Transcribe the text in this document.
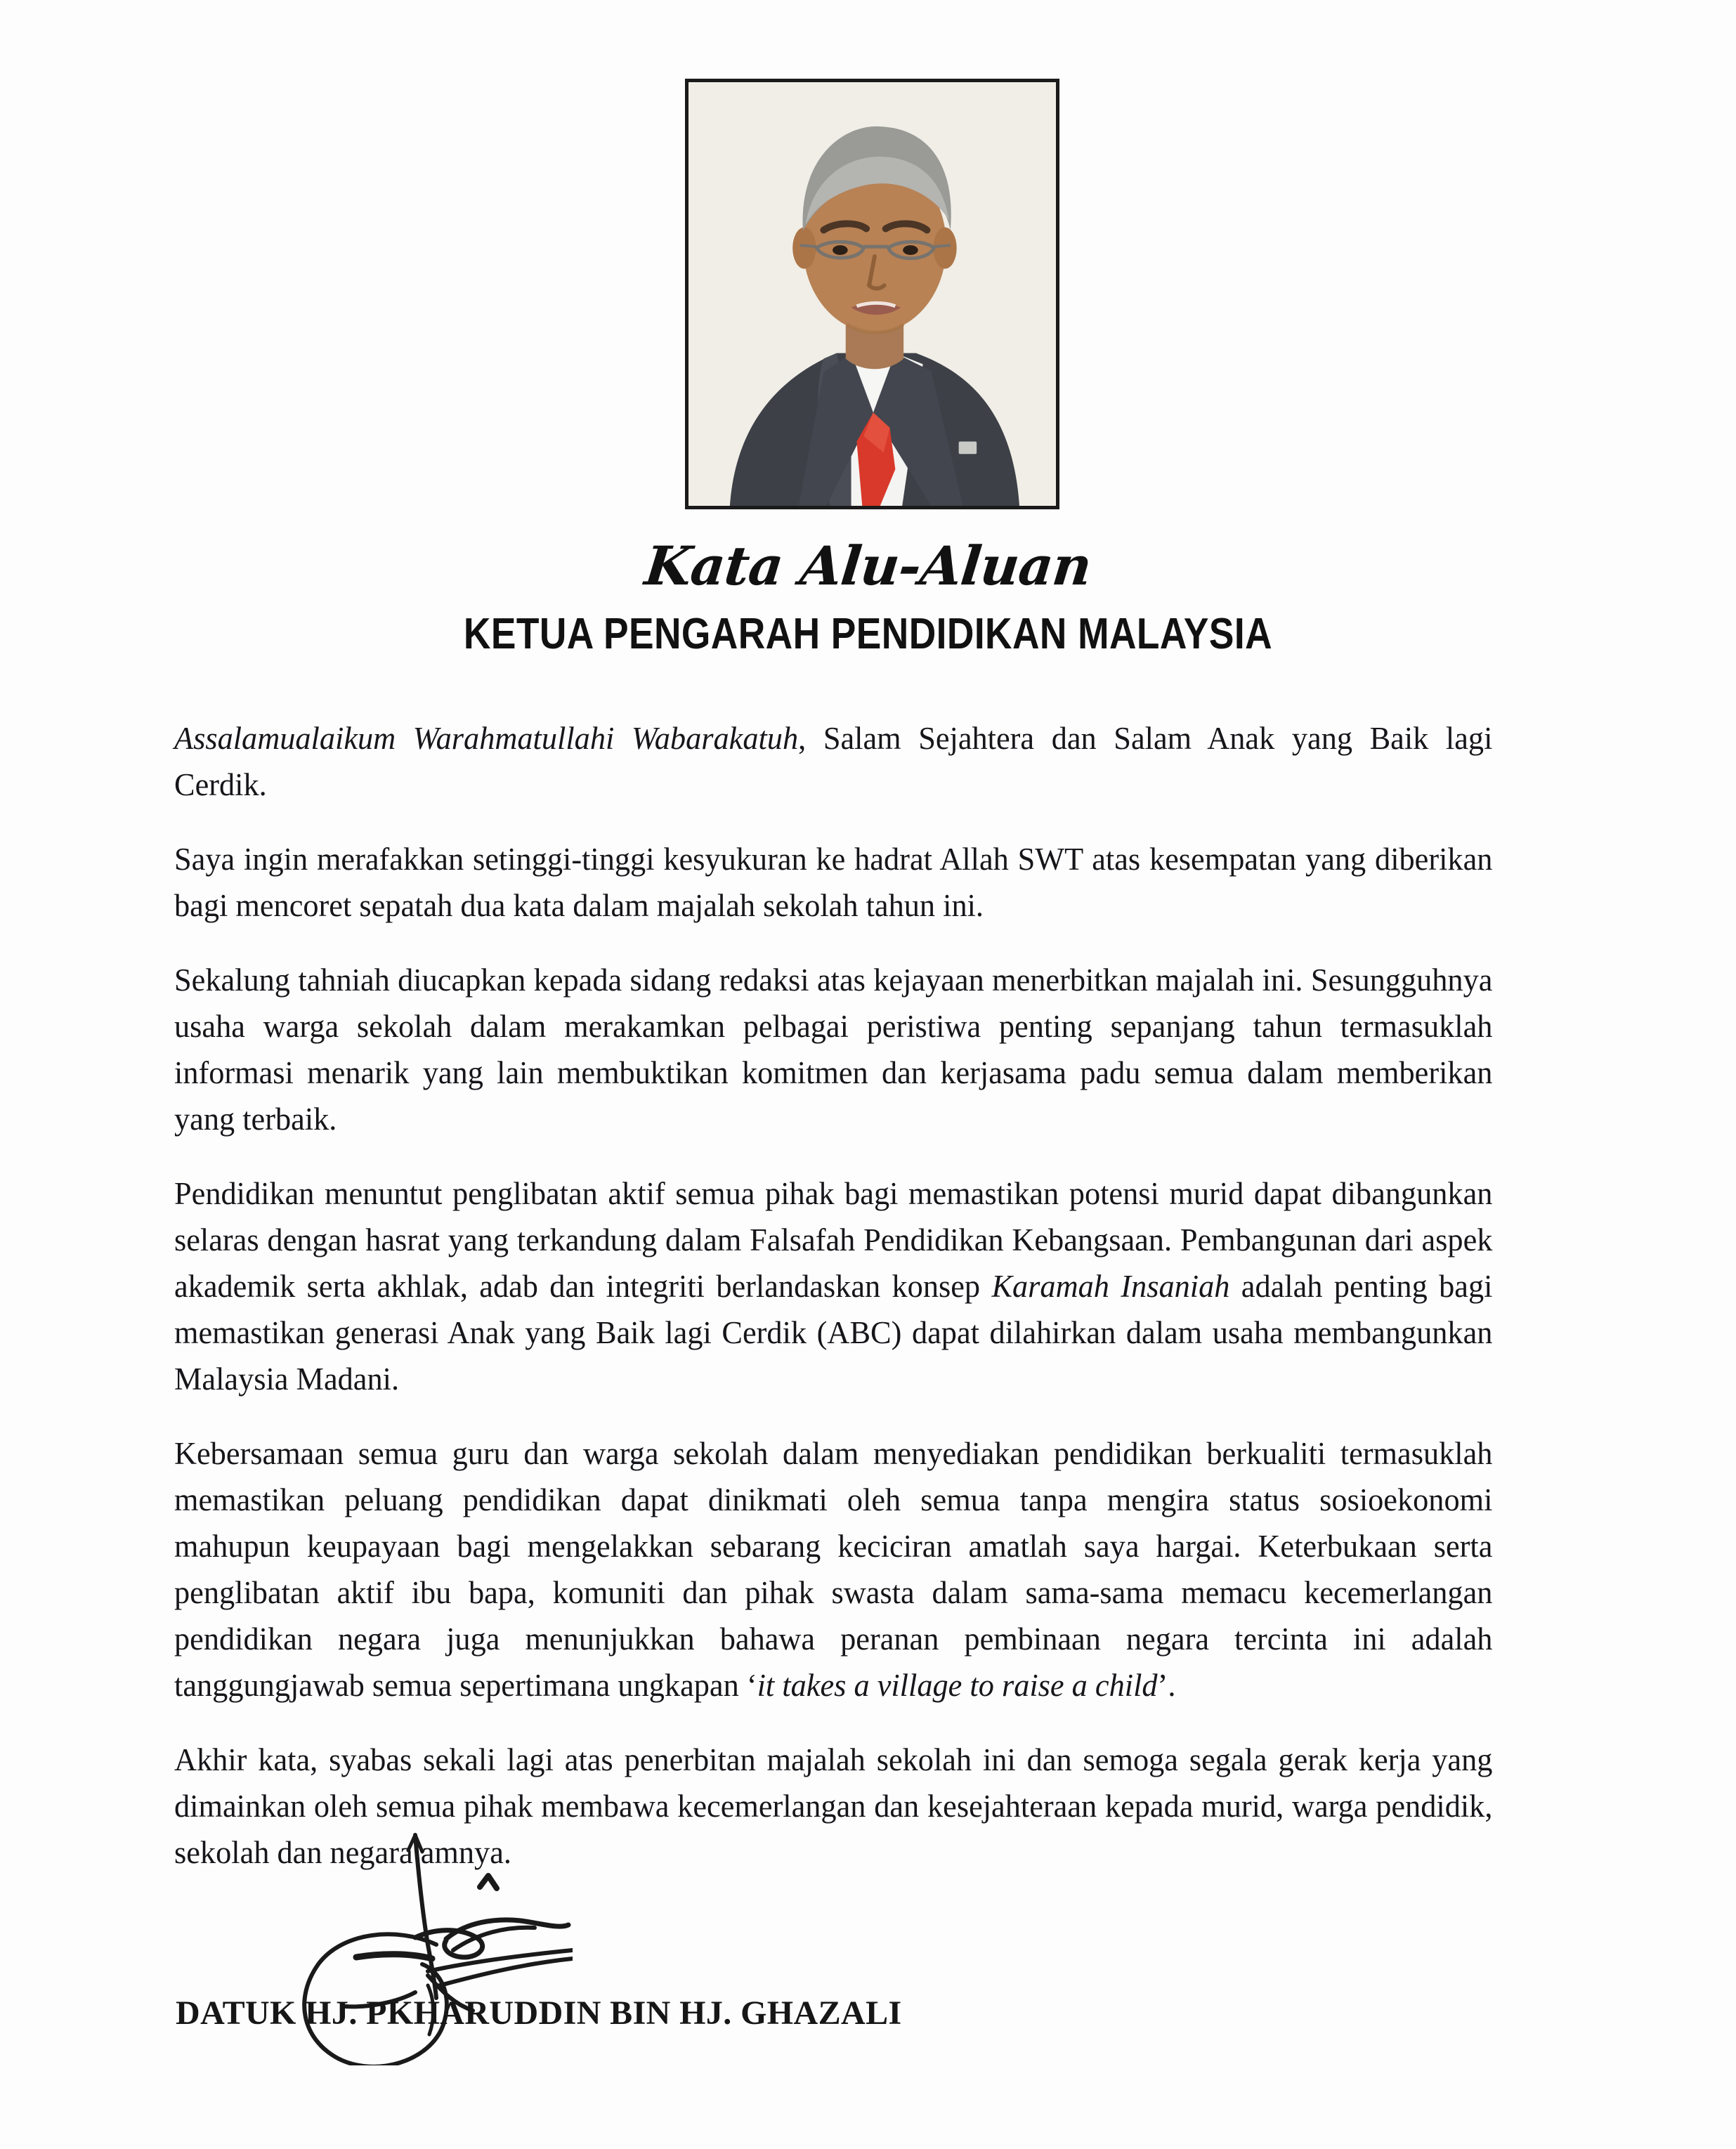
Kata Alu-Aluan
KETUA PENGARAH PENDIDIKAN MALAYSIA

Assalamualaikum Warahmatullahi Wabarakatuh, Salam Sejahtera dan Salam Anak yang Baik lagi Cerdik.

Saya ingin merafakkan setinggi-tinggi kesyukuran ke hadrat Allah SWT atas kesempatan yang diberikan bagi mencoret sepatah dua kata dalam majalah sekolah tahun ini.

Sekalung tahniah diucapkan kepada sidang redaksi atas kejayaan menerbitkan majalah ini. Sesungguhnya usaha warga sekolah dalam merakamkan pelbagai peristiwa penting sepanjang tahun termasuklah informasi menarik yang lain membuktikan komitmen dan kerjasama padu semua dalam memberikan yang terbaik.

Pendidikan menuntut penglibatan aktif semua pihak bagi memastikan potensi murid dapat dibangunkan selaras dengan hasrat yang terkandung dalam Falsafah Pendidikan Kebangsaan. Pembangunan dari aspek akademik serta akhlak, adab dan integriti berlandaskan konsep Karamah Insaniah adalah penting bagi memastikan generasi Anak yang Baik lagi Cerdik (ABC) dapat dilahirkan dalam usaha membangunkan Malaysia Madani.

Kebersamaan semua guru dan warga sekolah dalam menyediakan pendidikan berkualiti termasuklah memastikan peluang pendidikan dapat dinikmati oleh semua tanpa mengira status sosioekonomi mahupun keupayaan bagi mengelakkan sebarang keciciran amatlah saya hargai. Keterbukaan serta penglibatan aktif ibu bapa, komuniti dan pihak swasta dalam sama-sama memacu kecemerlangan pendidikan negara juga menunjukkan bahawa peranan pembinaan negara tercinta ini adalah tanggungjawab semua sepertimana ungkapan ‘it takes a village to raise a child’.

Akhir kata, syabas sekali lagi atas penerbitan majalah sekolah ini dan semoga segala gerak kerja yang dimainkan oleh semua pihak membawa kecemerlangan dan kesejahteraan kepada murid, warga pendidik, sekolah dan negara amnya.

DATUK HJ. PKHARUDDIN BIN HJ. GHAZALI
